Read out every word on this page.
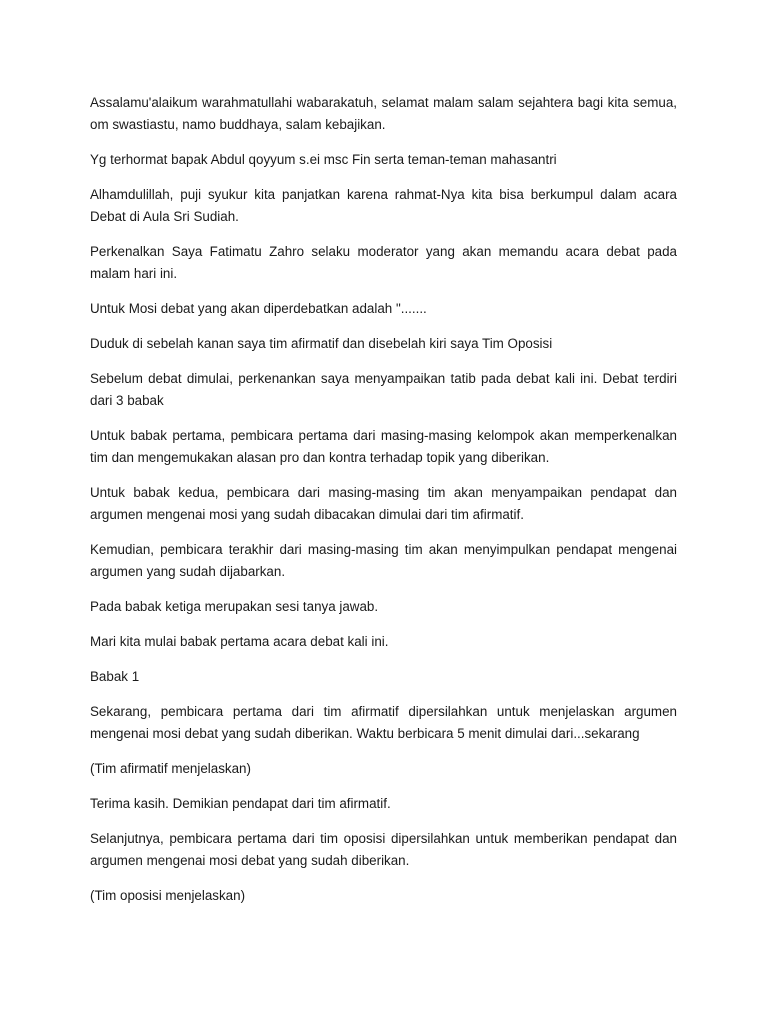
Assalamu'alaikum warahmatullahi wabarakatuh, selamat malam salam sejahtera bagi kita semua, om swastiastu, namo buddhaya, salam kebajikan.

Yg terhormat bapak Abdul qoyyum s.ei msc Fin serta teman-teman mahasantri

Alhamdulillah, puji syukur kita panjatkan karena rahmat-Nya kita bisa berkumpul dalam acara Debat di Aula Sri Sudiah.

Perkenalkan Saya Fatimatu Zahro selaku moderator yang akan memandu acara debat pada malam hari ini.

Untuk Mosi debat yang akan diperdebatkan adalah ".......

Duduk di sebelah kanan saya tim afirmatif dan disebelah kiri saya Tim Oposisi

Sebelum debat dimulai, perkenankan saya menyampaikan tatib pada debat kali ini. Debat terdiri dari 3 babak

Untuk babak pertama, pembicara pertama dari masing-masing kelompok akan memperkenalkan tim dan mengemukakan alasan pro dan kontra terhadap topik yang diberikan.

Untuk babak kedua, pembicara dari masing-masing tim akan menyampaikan pendapat dan argumen mengenai mosi yang sudah dibacakan dimulai dari tim afirmatif.

Kemudian, pembicara terakhir dari masing-masing tim akan menyimpulkan pendapat mengenai argumen yang sudah dijabarkan.

Pada babak ketiga merupakan sesi tanya jawab.

Mari kita mulai babak pertama acara debat kali ini.

Babak 1

Sekarang, pembicara pertama dari tim afirmatif dipersilahkan untuk menjelaskan argumen mengenai mosi debat yang sudah diberikan. Waktu berbicara 5 menit dimulai dari...sekarang

(Tim afirmatif menjelaskan)

Terima kasih. Demikian pendapat dari tim afirmatif.

Selanjutnya, pembicara pertama dari tim oposisi dipersilahkan untuk memberikan pendapat dan argumen mengenai mosi debat yang sudah diberikan.

(Tim oposisi menjelaskan)
